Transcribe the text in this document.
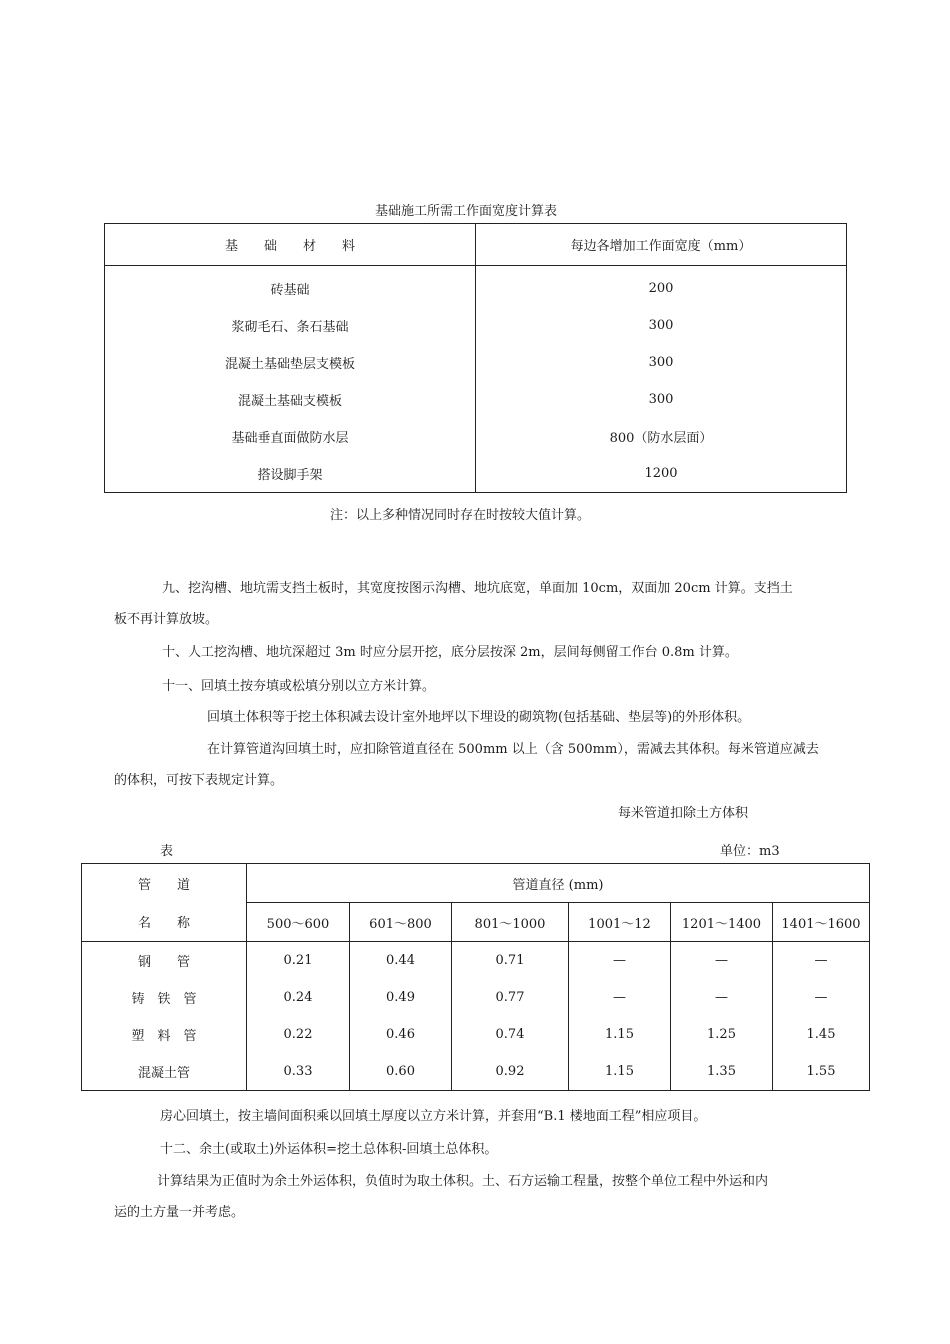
基础施工所需工作面宽度计算表
基　　础　　材　　料	每边各增加工作面宽度（mm）
砖基础	200
浆砌毛石、条石基础	300
混凝土基础垫层支模板	300
混凝土基础支模板	300
基础垂直面做防水层	800（防水层面）
搭设脚手架	1200
注：以上多种情况同时存在时按较大值计算。
九、挖沟槽、地坑需支挡土板时，其宽度按图示沟槽、地坑底宽，单面加 10cm，双面加 20cm 计算。支挡土
板不再计算放坡。
十、人工挖沟槽、地坑深超过 3m 时应分层开挖，底分层按深 2m，层间每侧留工作台 0.8m 计算。
十一、回填土按夯填或松填分别以立方米计算。
回填土体积等于挖土体积减去设计室外地坪以下埋设的砌筑物(包括基础、垫层等)的外形体积。
在计算管道沟回填土时，应扣除管道直径在 500mm 以上（含 500mm），需减去其体积。每米管道应减去
的体积，可按下表规定计算。
每米管道扣除土方体积
表	单位：m3
管　　道	管道直径 (mm)					
名　　称	500～600	601～800	801～1000	1001～12	1201～1400	1401～1600
钢　　管	0.21	0.44	0.71	—	—	—
铸　铁　管	0.24	0.49	0.77	—	—	—
塑　料　管	0.22	0.46	0.74	1.15	1.25	1.45
混凝土管	0.33	0.60	0.92	1.15	1.35	1.55
房心回填土，按主墙间面积乘以回填土厚度以立方米计算，并套用“B.1 楼地面工程”相应项目。
十二、余土(或取土)外运体积=挖土总体积-回填土总体积。
计算结果为正值时为余土外运体积，负值时为取土体积。土、石方运输工程量，按整个单位工程中外运和内
运的土方量一并考虑。
